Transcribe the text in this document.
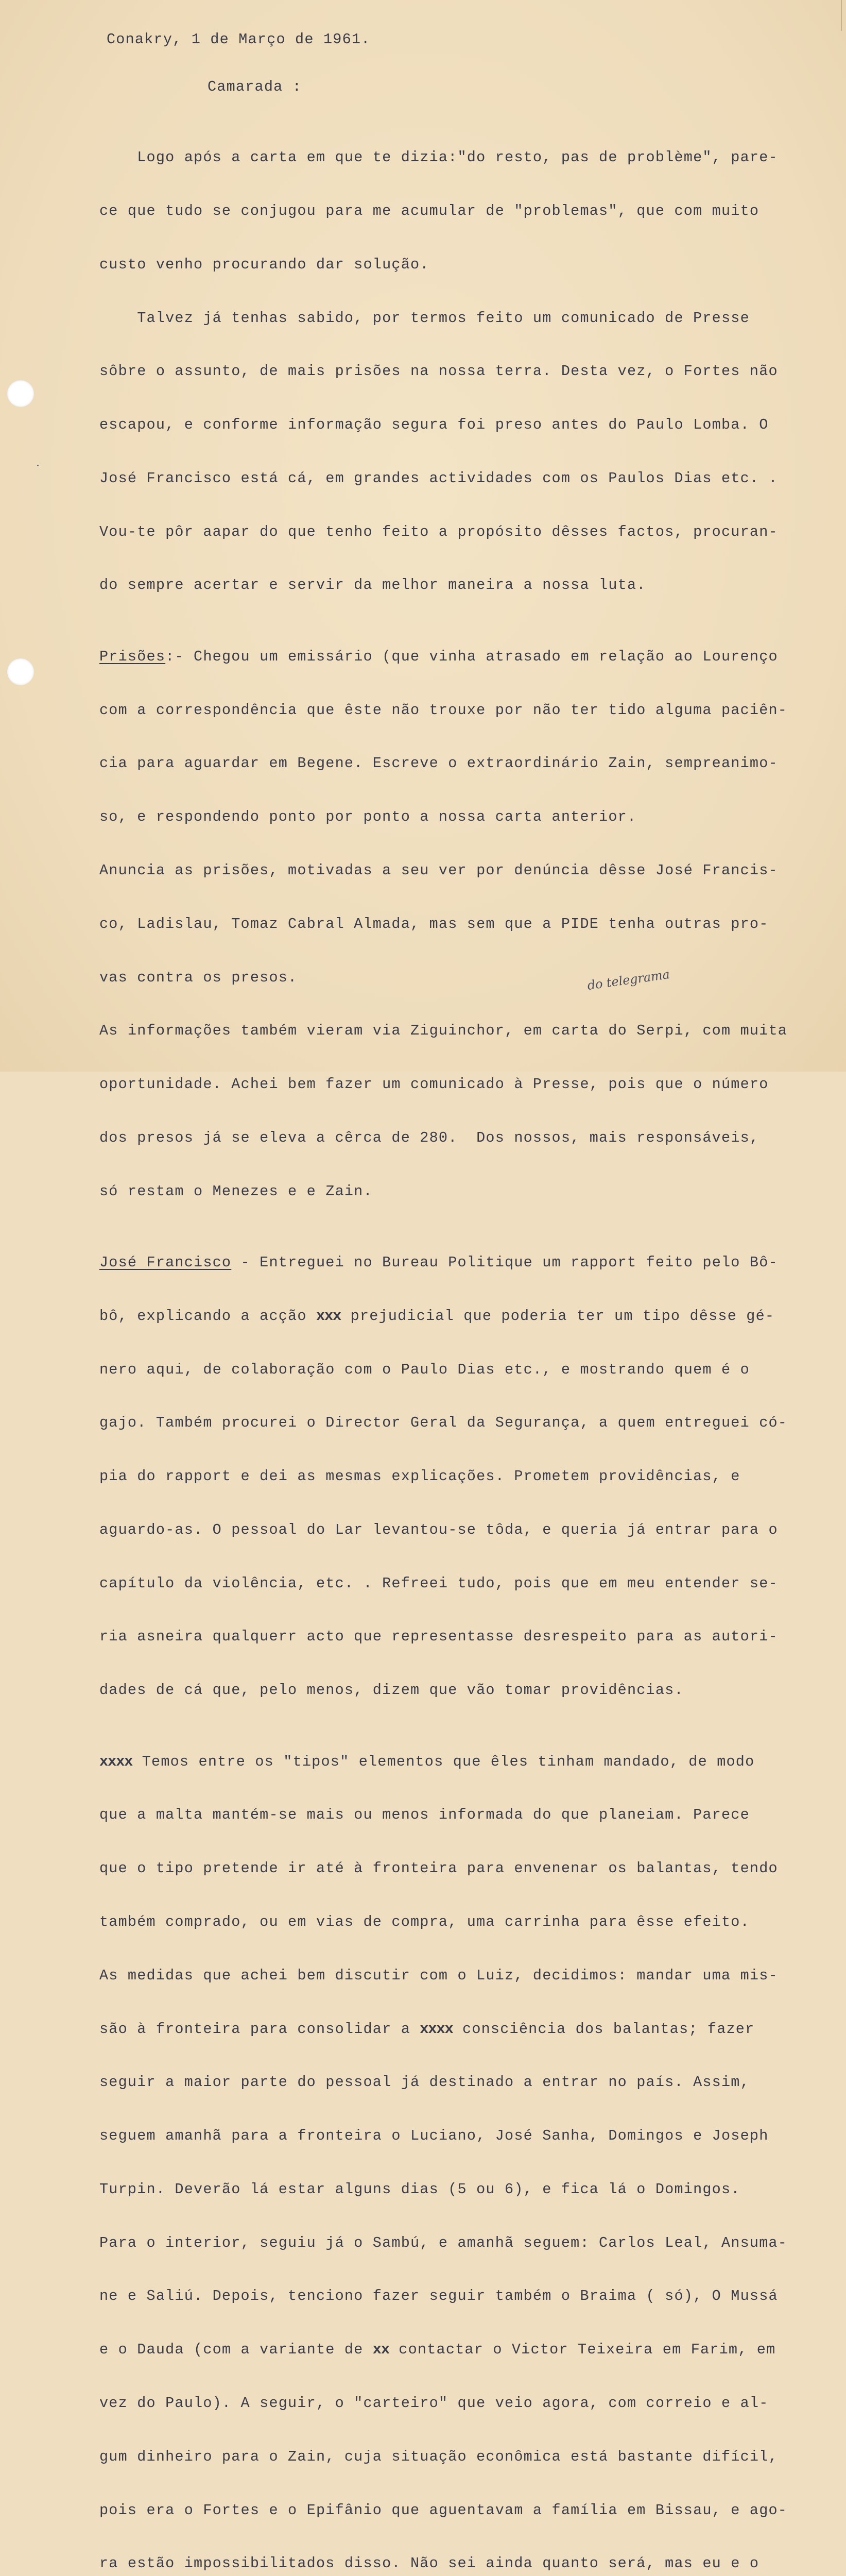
Conakry, 1 de Março de 1961.

Camarada :

Logo após a carta em que te dizia:"do resto, pas de problème", pare-

ce que tudo se conjugou para me acumular de "problemas", que com muito

custo venho procurando dar solução.

Talvez já tenhas sabido, por termos feito um comunicado de Presse

sôbre o assunto, de mais prisões na nossa terra. Desta vez, o Fortes não

escapou, e conforme informação segura foi preso antes do Paulo Lomba. O

José Francisco está cá, em grandes actividades com os Paulos Dias etc. .

Vou-te pôr aapar do que tenho feito a propósito dêsses factos, procuran-

do sempre acertar e servir da melhor maneira a nossa luta.

Prisões:- Chegou um emissário (que vinha atrasado em relação ao Lourenço

com a correspondência que êste não trouxe por não ter tido alguma paciên-

cia para aguardar em Begene. Escreve o extraordinário Zain, sempreanimo-

so, e respondendo ponto por ponto a nossa carta anterior.

Anuncia as prisões, motivadas a seu ver por denúncia dêsse José Francis-

co, Ladislau, Tomaz Cabral Almada, mas sem que a PIDE tenha outras pro-

vas contra os presos.

As informações também vieram via Ziguinchor, em carta do Serpi, com muita

oportunidade. Achei bem fazer um comunicado à Presse, pois que o número

dos presos já se eleva a cêrca de 280.  Dos nossos, mais responsáveis,

só restam o Menezes e e Zain.

José Francisco - Entreguei no Bureau Politique um rapport feito pelo Bô-

bô, explicando a acção xxx prejudicial que poderia ter um tipo dêsse gé-

nero aqui, de colaboração com o Paulo Dias etc., e mostrando quem é o

gajo. Também procurei o Director Geral da Segurança, a quem entreguei có-

pia do rapport e dei as mesmas explicações. Prometem providências, e

aguardo-as. O pessoal do Lar levantou-se tôda, e queria já entrar para o

capítulo da violência, etc. . Refreei tudo, pois que em meu entender se-

ria asneira qualquerr acto que representasse desrespeito para as autori-

dades de cá que, pelo menos, dizem que vão tomar providências.

xxxx Temos entre os "tipos" elementos que êles tinham mandado, de modo

que a malta mantém-se mais ou menos informada do que planeiam. Parece

que o tipo pretende ir até à fronteira para envenenar os balantas, tendo

também comprado, ou em vias de compra, uma carrinha para êsse efeito.

As medidas que achei bem discutir com o Luiz, decidimos: mandar uma mis-

são à fronteira para consolidar a xxxx consciência dos balantas; fazer

seguir a maior parte do pessoal já destinado a entrar no país. Assim,

seguem amanhã para a fronteira o Luciano, José Sanha, Domingos e Joseph

Turpin. Deverão lá estar alguns dias (5 ou 6), e fica lá o Domingos.

Para o interior, seguiu já o Sambú, e amanhã seguem: Carlos Leal, Ansuma-

ne e Saliú. Depois, tenciono fazer seguir também o Braima ( só), O Mussá

e o Dauda (com a variante de xx contactar o Victor Teixeira em Farim, em

vez do Paulo). A seguir, o "carteiro" que veio agora, com correio e al-

gum dinheiro para o Zain, cuja situação econômica está bastante difícil,

pois era o Fortes e o Epifânio que aguentavam a família em Bissau, e ago-

ra estão impossibilitados disso. Não sei ainda quanto será, mas eu e o

do telegrama
